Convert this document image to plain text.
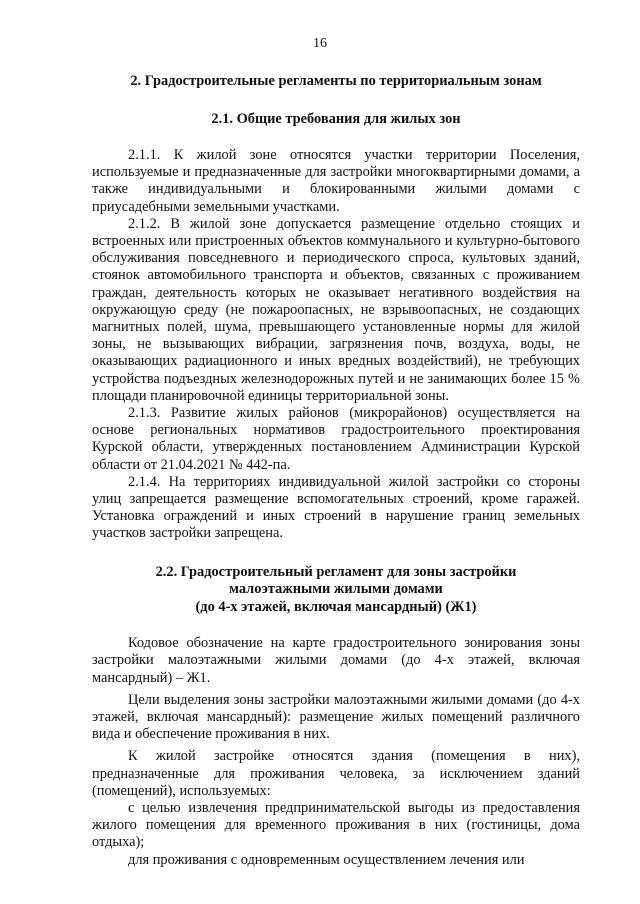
16
2. Градостроительные регламенты по территориальным зонам
2.1. Общие требования для жилых зон

2.1.1. К жилой зоне относятся участки территории Поселения, используемые и предназначенные для застройки многоквартирными домами, а также индивидуальными и блокированными жилыми домами с приусадебными земельными участками.

2.1.2. В жилой зоне допускается размещение отдельно стоящих и встроенных или пристроенных объектов коммунального и культурно-бытового обслуживания повседневного и периодического спроса, культовых зданий, стоянок автомобильного транспорта и объектов, связанных с проживанием граждан, деятельность которых не оказывает негативного воздействия на окружающую среду (не пожароопасных, не взрывоопасных, не создающих магнитных полей, шума, превышающего установленные нормы для жилой зоны, не вызывающих вибрации, загрязнения почв, воздуха, воды, не оказывающих радиационного и иных вредных воздействий), не требующих устройства подъездных железнодорожных путей и не занимающих более 15 % площади планировочной единицы территориальной зоны.

2.1.3. Развитие жилых районов (микрорайонов) осуществляется на основе региональных нормативов градостроительного проектирования Курской области, утвержденных постановлением Администрации Курской области от 21.04.2021 № 442-па.

2.1.4. На территориях индивидуальной жилой застройки со стороны улиц запрещается размещение вспомогательных строений, кроме гаражей. Установка ограждений и иных строений в нарушение границ земельных участков застройки запрещена.

2.2. Градостроительный регламент для зоны застройки
малоэтажными жилыми домами
(до 4-х этажей, включая мансардный) (Ж1)

Кодовое обозначение на карте градостроительного зонирования зоны застройки малоэтажными жилыми домами (до 4-х этажей, включая мансардный) – Ж1.

Цели выделения зоны застройки малоэтажными жилыми домами (до 4-х этажей, включая мансардный): размещение жилых помещений различного вида и обеспечение проживания в них.

К жилой застройке относятся здания (помещения в них), предназначенные для проживания человека, за исключением зданий (помещений), используемых:

с целью извлечения предпринимательской выгоды из предоставления жилого помещения для временного проживания в них (гостиницы, дома отдыха);

для проживания с одновременным осуществлением лечения или
